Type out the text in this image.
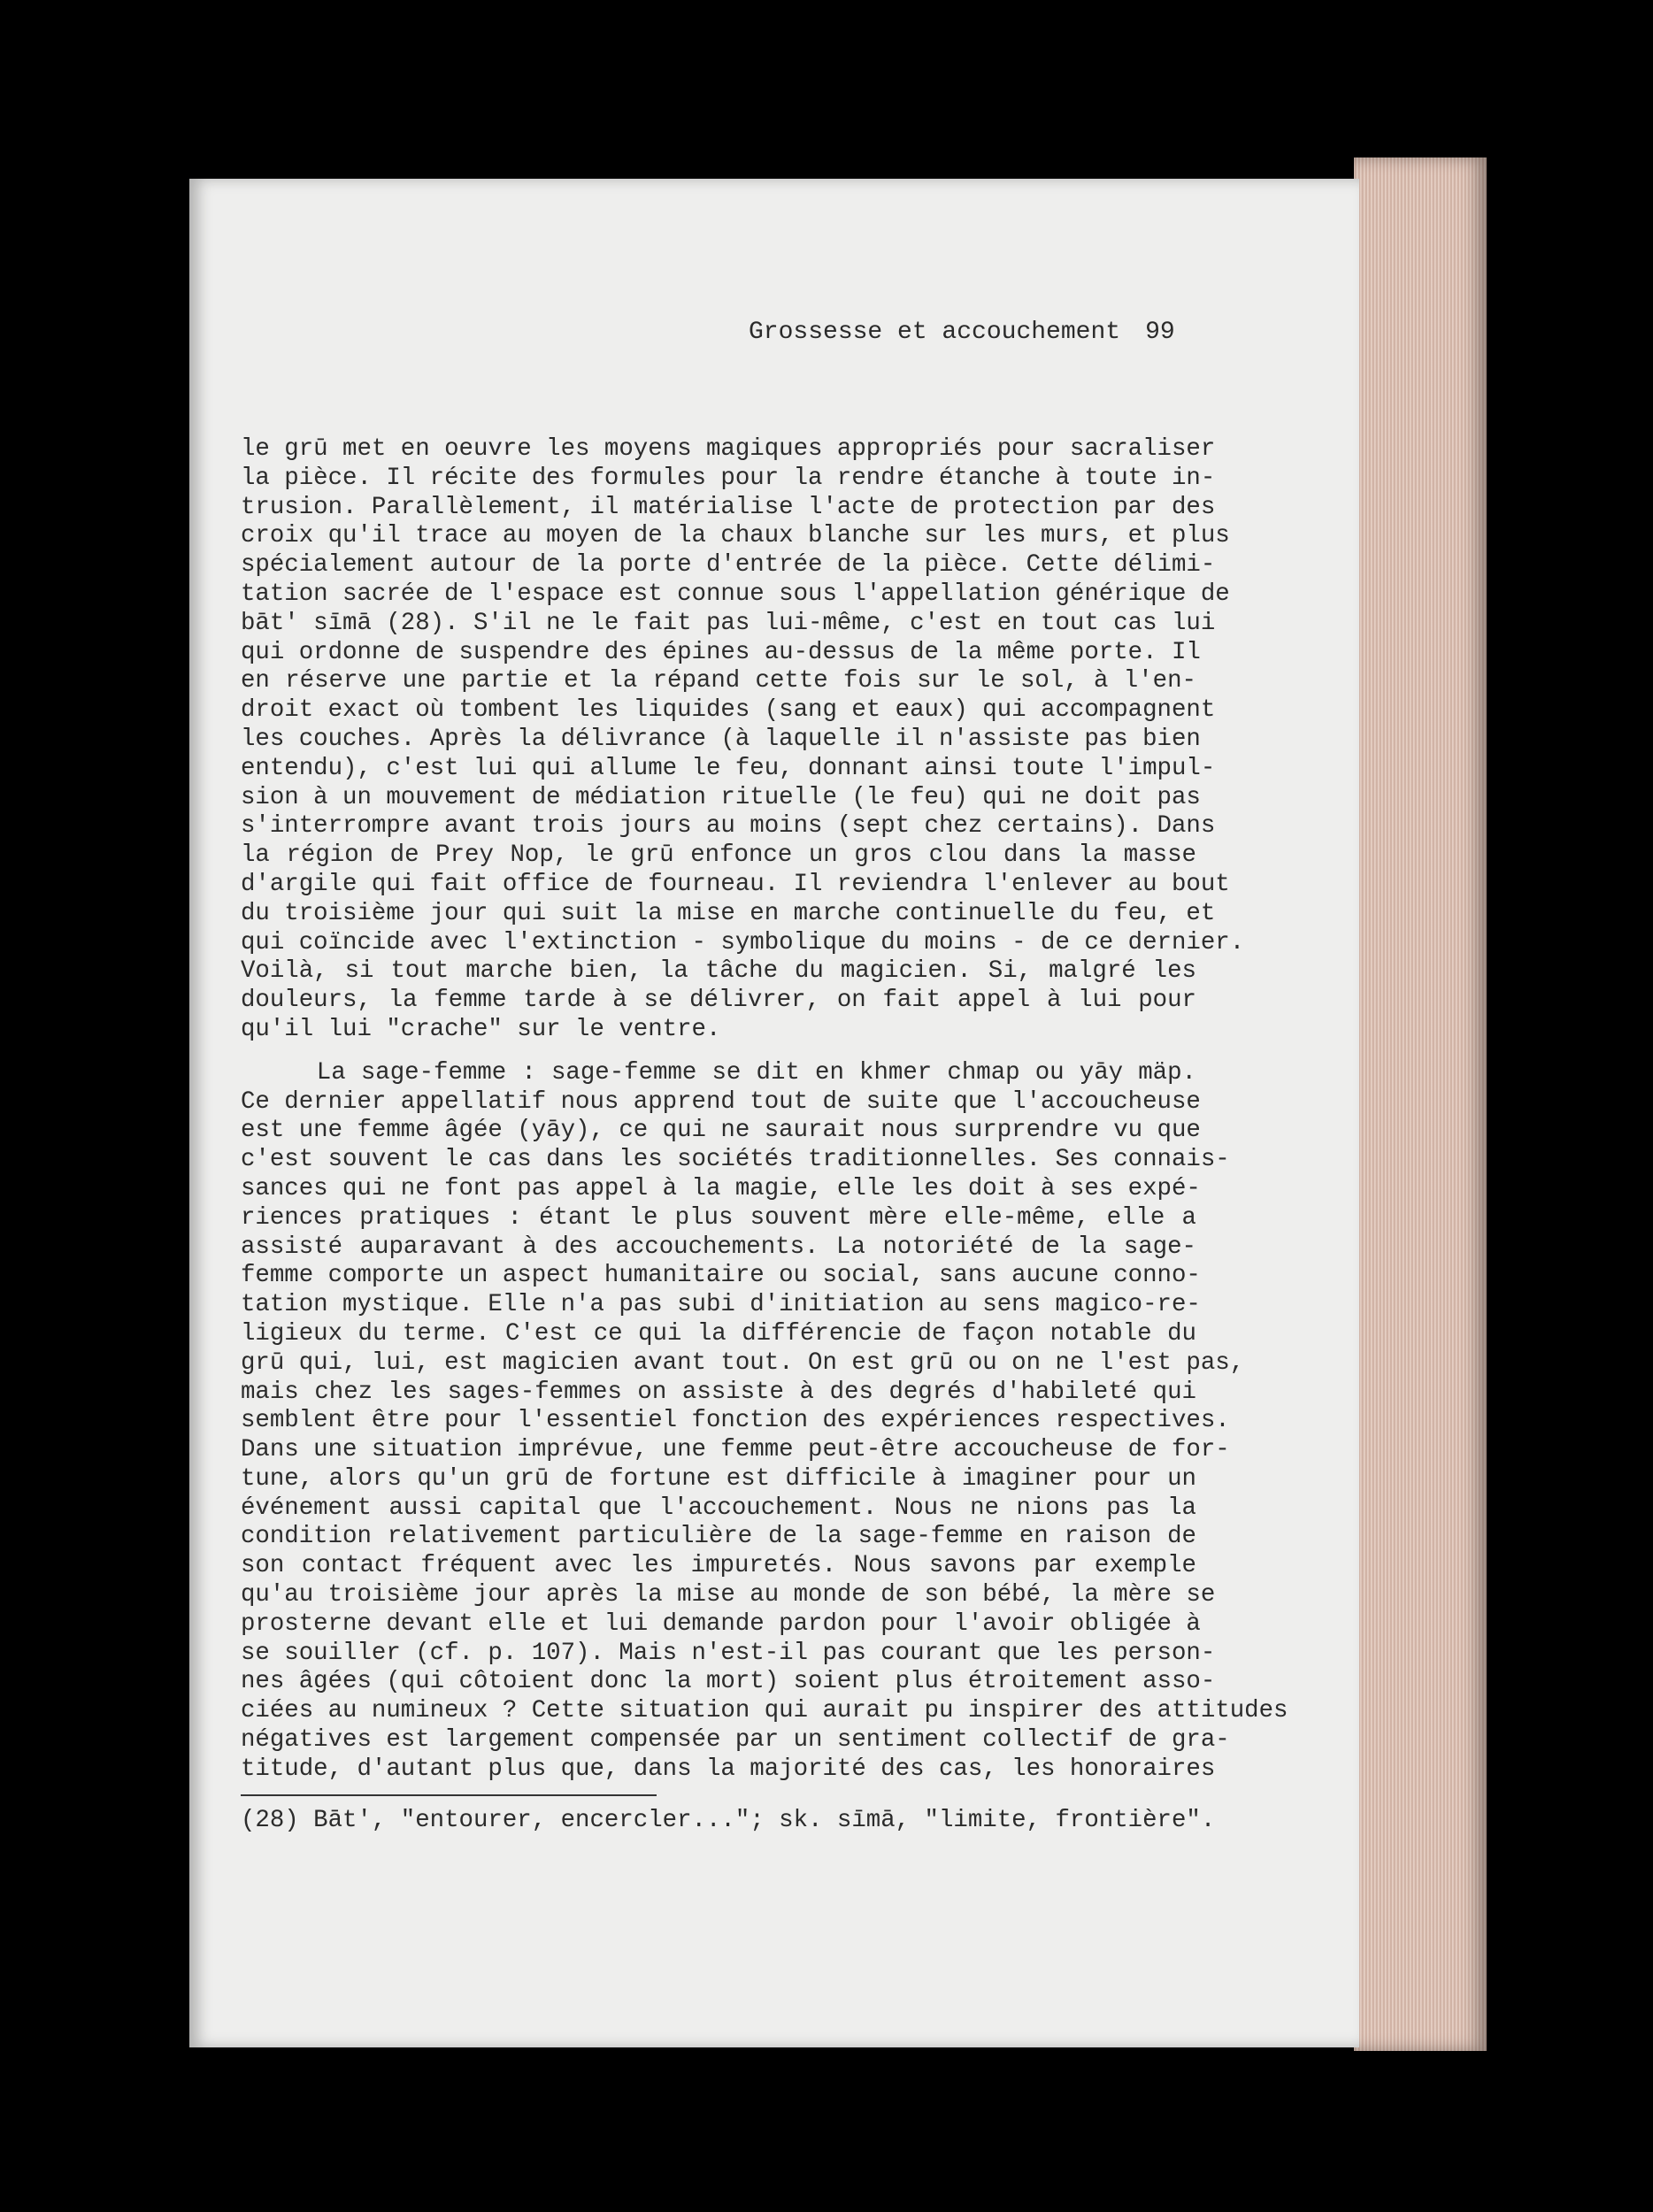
Grossesse et accouchement 99
le grū met en oeuvre les moyens magiques appropriés pour sacraliser
la pièce. Il récite des formules pour la rendre étanche à toute in-
trusion. Parallèlement, il matérialise l'acte de protection par des
croix qu'il trace au moyen de la chaux blanche sur les murs, et plus
spécialement autour de la porte d'entrée de la pièce. Cette délimi-
tation sacrée de l'espace est connue sous l'appellation générique de
bāt' sīmā (28). S'il ne le fait pas lui-même, c'est en tout cas lui
qui ordonne de suspendre des épines au-dessus de la même porte. Il
en réserve une partie et la répand cette fois sur le sol, à l'en-
droit exact où tombent les liquides (sang et eaux) qui accompagnent
les couches. Après la délivrance (à laquelle il n'assiste pas bien
entendu), c'est lui qui allume le feu, donnant ainsi toute l'impul-
sion à un mouvement de médiation rituelle (le feu) qui ne doit pas
s'interrompre avant trois jours au moins (sept chez certains). Dans
la région de Prey Nop, le grū enfonce un gros clou dans la masse
d'argile qui fait office de fourneau. Il reviendra l'enlever au bout
du troisième jour qui suit la mise en marche continuelle du feu, et
qui coïncide avec l'extinction - symbolique du moins - de ce dernier.
Voilà, si tout marche bien, la tâche du magicien. Si, malgré les
douleurs, la femme tarde à se délivrer, on fait appel à lui pour
qu'il lui "crache" sur le ventre.
La sage-femme : sage-femme se dit en khmer chmap ou yāy mäp.
Ce dernier appellatif nous apprend tout de suite que l'accoucheuse
est une femme âgée (yāy), ce qui ne saurait nous surprendre vu que
c'est souvent le cas dans les sociétés traditionnelles. Ses connais-
sances qui ne font pas appel à la magie, elle les doit à ses expé-
riences pratiques : étant le plus souvent mère elle-même, elle a
assisté auparavant à des accouchements. La notoriété de la sage-
femme comporte un aspect humanitaire ou social, sans aucune conno-
tation mystique. Elle n'a pas subi d'initiation au sens magico-re-
ligieux du terme. C'est ce qui la différencie de façon notable du
grū qui, lui, est magicien avant tout. On est grū ou on ne l'est pas,
mais chez les sages-femmes on assiste à des degrés d'habileté qui
semblent être pour l'essentiel fonction des expériences respectives.
Dans une situation imprévue, une femme peut-être accoucheuse de for-
tune, alors qu'un grū de fortune est difficile à imaginer pour un
événement aussi capital que l'accouchement. Nous ne nions pas la
condition relativement particulière de la sage-femme en raison de
son contact fréquent avec les impuretés. Nous savons par exemple
qu'au troisième jour après la mise au monde de son bébé, la mère se
prosterne devant elle et lui demande pardon pour l'avoir obligée à
se souiller (cf. p. 107). Mais n'est-il pas courant que les person-
nes âgées (qui côtoient donc la mort) soient plus étroitement asso-
ciées au numineux ? Cette situation qui aurait pu inspirer des attitudes
négatives est largement compensée par un sentiment collectif de gra-
titude, d'autant plus que, dans la majorité des cas, les honoraires
(28) Bāt', "entourer, encercler..."; sk. sīmā, "limite, frontière".
